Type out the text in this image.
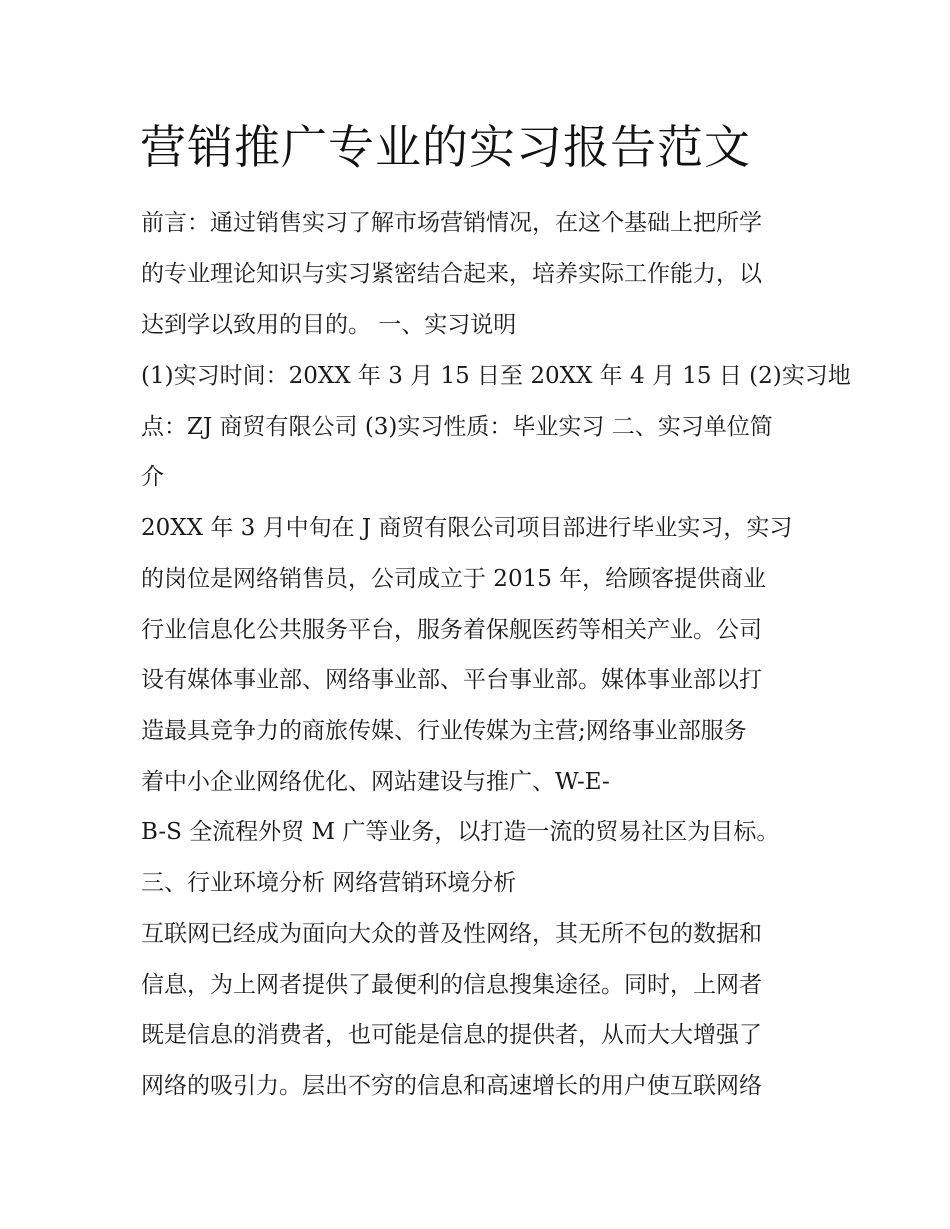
营销推广专业的实习报告范文

前言：通过销售实习了解市场营销情况，在这个基础上把所学

的专业理论知识与实习紧密结合起来，培养实际工作能力，以

达到学以致用的目的。 一、实习说明

(1)实习时间：20XX 年 3 月 15 日至 20XX 年 4 月 15 日 (2)实习地

点：ZJ 商贸有限公司 (3)实习性质：毕业实习 二、实习单位简

介

20XX 年 3 月中旬在 J 商贸有限公司项目部进行毕业实习，实习

的岗位是网络销售员，公司成立于 2015 年，给顾客提供商业

行业信息化公共服务平台，服务着保舰医药等相关产业。公司

设有媒体事业部、网络事业部、平台事业部。媒体事业部以打

造最具竞争力的商旅传媒、行业传媒为主营;网络事业部服务

着中小企业网络优化、网站建设与推广、W-E-

B-S 全流程外贸 M 广等业务，以打造一流的贸易社区为目标。

三、行业环境分析 网络营销环境分析

互联网已经成为面向大众的普及性网络，其无所不包的数据和

信息，为上网者提供了最便利的信息搜集途径。同时，上网者

既是信息的消费者，也可能是信息的提供者，从而大大增强了

网络的吸引力。层出不穷的信息和高速增长的用户使互联网络
